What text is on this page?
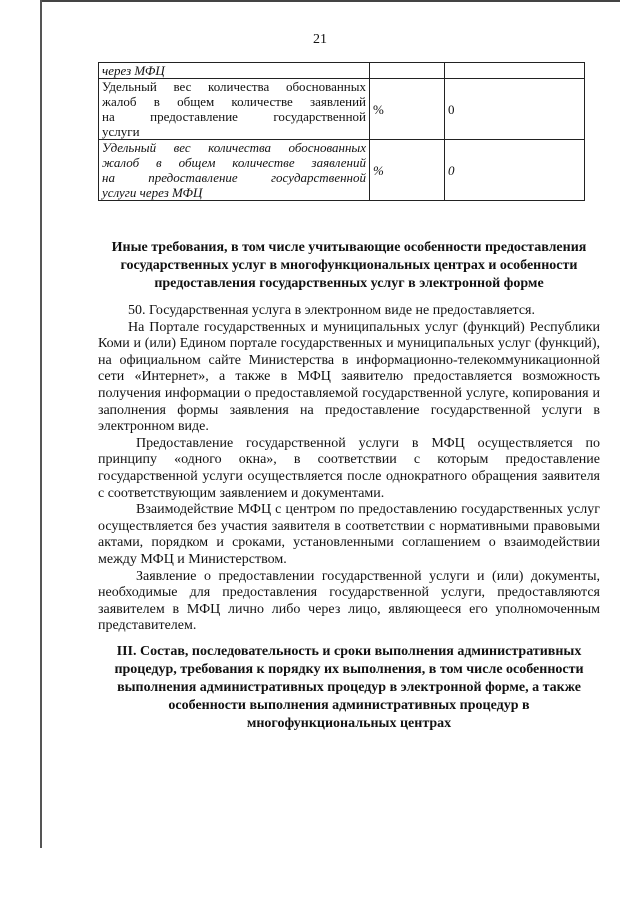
21
через МФЦ		

Удельный вес количества обоснованных
жалоб в общем количестве заявлений
на предоставление государственной
услуги	%	0

Удельный вес количества обоснованных
жалоб в общем количестве заявлений
на предоставление государственной
услуги через МФЦ	%	0
Иные требования, в том числе учитывающие особенности предоставления государственных услуг в многофункциональных центрах и особенности предоставления государственных услуг в электронной форме

50. Государственная услуга в электронном виде не предоставляется.

На Портале государственных и муниципальных услуг (функций) Республики Коми и (или) Едином портале государственных и муниципальных услуг (функций), на официальном сайте Министерства в информационно-телекоммуникационной сети «Интернет», а также в МФЦ заявителю предоставляется возможность получения информации о предоставляемой государственной услуге, копирования и заполнения формы заявления на предоставление государственной услуги в электронном виде.

Предоставление государственной услуги в МФЦ осуществляется по принципу «одного окна», в соответствии с которым предоставление государственной услуги осуществляется после однократного обращения заявителя с соответствующим заявлением и документами.

Взаимодействие МФЦ с центром по предоставлению государственных услуг осуществляется без участия заявителя в соответствии с нормативными правовыми актами, порядком и сроками, установленными соглашением о взаимодействии между МФЦ и Министерством.

Заявление о предоставлении государственной услуги и (или) документы, необходимые для предоставления государственной услуги, предоставляются заявителем в МФЦ лично либо через лицо, являющееся его уполномоченным представителем.

III. Состав, последовательность и сроки выполнения административных процедур, требования к порядку их выполнения, в том числе особенности выполнения административных процедур в электронной форме, а также особенности выполнения административных процедур в многофункциональных центрах
